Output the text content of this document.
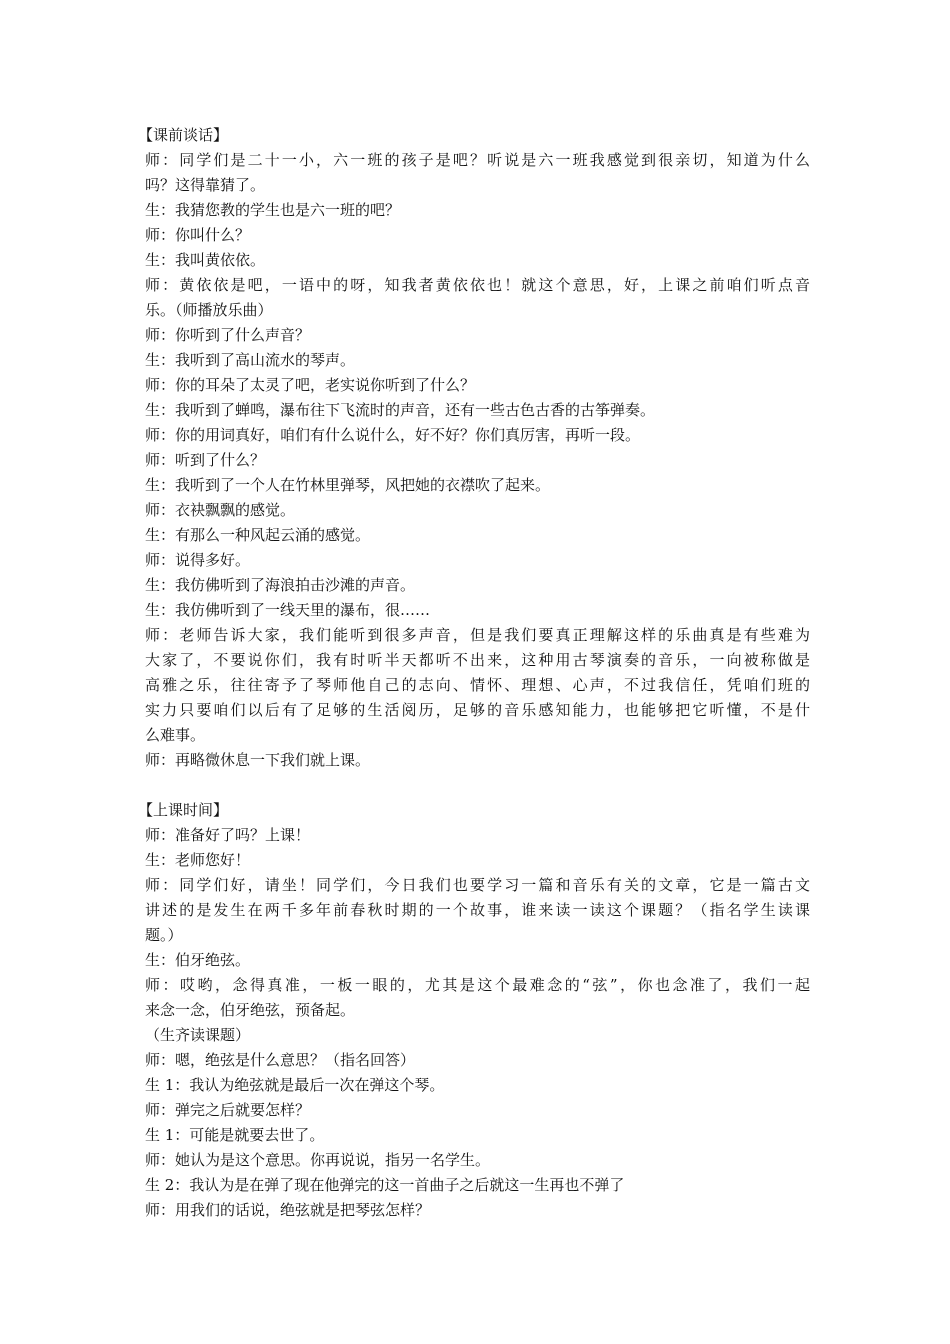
【课前谈话】
师：同学们是二十一小，六一班的孩子是吧？听说是六一班我感觉到很亲切，知道为什么
吗？这得靠猜了。
生：我猜您教的学生也是六一班的吧？
师：你叫什么？
生：我叫黄依依。
师：黄依依是吧，一语中的呀，知我者黄依依也！就这个意思，好，上课之前咱们听点音
乐。（师播放乐曲）
师：你听到了什么声音？
生：我听到了高山流水的琴声。
师：你的耳朵了太灵了吧，老实说你听到了什么？
生：我听到了蝉鸣，瀑布往下飞流时的声音，还有一些古色古香的古筝弹奏。
师：你的用词真好，咱们有什么说什么，好不好？你们真厉害，再听一段。
师：听到了什么？
生：我听到了一个人在竹林里弹琴，风把她的衣襟吹了起来。
师：衣袂飘飘的感觉。
生：有那么一种风起云涌的感觉。
师：说得多好。
生：我仿佛听到了海浪拍击沙滩的声音。
生：我仿佛听到了一线天里的瀑布，很……
师：老师告诉大家，我们能听到很多声音，但是我们要真正理解这样的乐曲真是有些难为
大家了，不要说你们，我有时听半天都听不出来，这种用古琴演奏的音乐，一向被称做是
高雅之乐，往往寄予了琴师他自己的志向、情怀、理想、心声，不过我信任，凭咱们班的
实力只要咱们以后有了足够的生活阅历，足够的音乐感知能力，也能够把它听懂，不是什
么难事。
师：再略微休息一下我们就上课。
【上课时间】
师：准备好了吗？上课！
生：老师您好！
师：同学们好，请坐！同学们，今日我们也要学习一篇和音乐有关的文章，它是一篇古文
讲述的是发生在两千多年前春秋时期的一个故事，谁来读一读这个课题？（指名学生读课
题。）
生：伯牙绝弦。
师：哎哟，念得真准，一板一眼的，尤其是这个最难念的“弦”，你也念准了，我们一起
来念一念，伯牙绝弦，预备起。
（生齐读课题）
师：嗯，绝弦是什么意思？（指名回答）
生 1：我认为绝弦就是最后一次在弹这个琴。
师：弹完之后就要怎样？
生 1：可能是就要去世了。
师：她认为是这个意思。你再说说，指另一名学生。
生 2：我认为是在弹了现在他弹完的这一首曲子之后就这一生再也不弹了
师：用我们的话说，绝弦就是把琴弦怎样？
